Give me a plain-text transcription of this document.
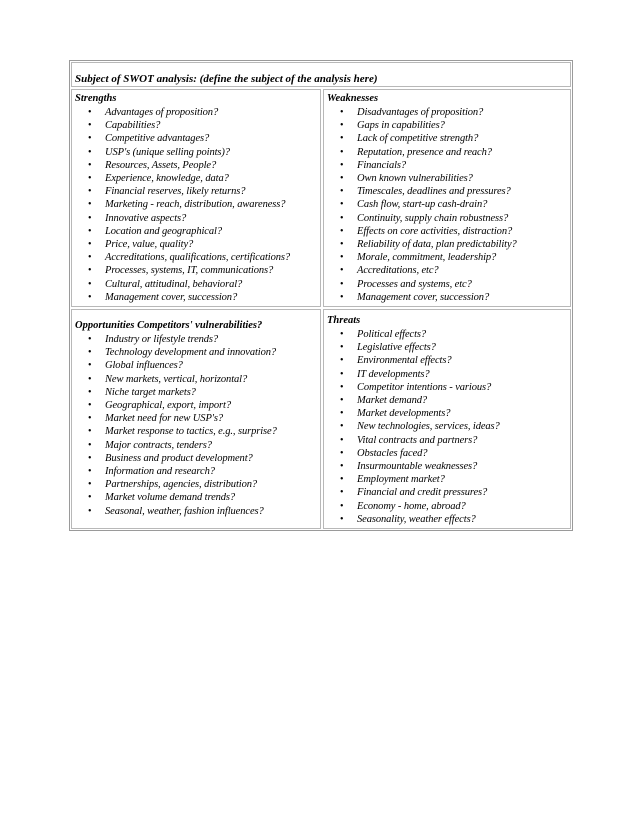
Subject of SWOT analysis: (define the subject of the analysis here)
Strengths
• Advantages of proposition?
• Capabilities?
• Competitive advantages?
• USP's (unique selling points)?
• Resources, Assets, People?
• Experience, knowledge, data?
• Financial reserves, likely returns?
• Marketing - reach, distribution, awareness?
• Innovative aspects?
• Location and geographical?
• Price, value, quality?
• Accreditations, qualifications, certifications?
• Processes, systems, IT, communications?
• Cultural, attitudinal, behavioral?
• Management cover, succession?
Weaknesses
• Disadvantages of proposition?
• Gaps in capabilities?
• Lack of competitive strength?
• Reputation, presence and reach?
• Financials?
• Own known vulnerabilities?
• Timescales, deadlines and pressures?
• Cash flow, start-up cash-drain?
• Continuity, supply chain robustness?
• Effects on core activities, distraction?
• Reliability of data, plan predictability?
• Morale, commitment, leadership?
• Accreditations, etc?
• Processes and systems, etc?
• Management cover, succession?
Opportunities Competitors' vulnerabilities?
• Industry or lifestyle trends?
• Technology development and innovation?
• Global influences?
• New markets, vertical, horizontal?
• Niche target markets?
• Geographical, export, import?
• Market need for new USP's?
• Market response to tactics, e.g., surprise?
• Major contracts, tenders?
• Business and product development?
• Information and research?
• Partnerships, agencies, distribution?
• Market volume demand trends?
• Seasonal, weather, fashion influences?
Threats
• Political effects?
• Legislative effects?
• Environmental effects?
• IT developments?
• Competitor intentions - various?
• Market demand?
• Market developments?
• New technologies, services, ideas?
• Vital contracts and partners?
• Obstacles faced?
• Insurmountable weaknesses?
• Employment market?
• Financial and credit pressures?
• Economy - home, abroad?
• Seasonality, weather effects?
